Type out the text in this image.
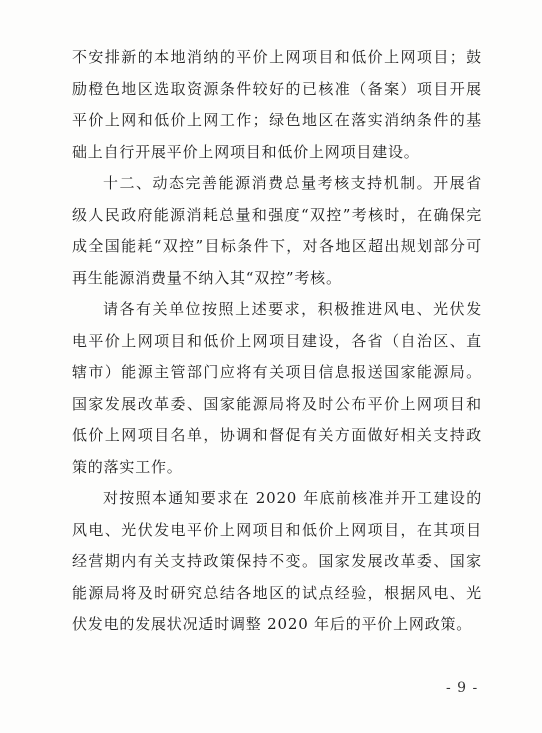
不安排新的本地消纳的平价上网项目和低价上网项目；鼓励橙色地区选取资源条件较好的已核准（备案）项目开展平价上网和低价上网工作；绿色地区在落实消纳条件的基础上自行开展平价上网项目和低价上网项目建设。

十二、动态完善能源消费总量考核支持机制。开展省级人民政府能源消耗总量和强度“双控”考核时，在确保完成全国能耗“双控”目标条件下，对各地区超出规划部分可再生能源消费量不纳入其“双控”考核。

请各有关单位按照上述要求，积极推进风电、光伏发电平价上网项目和低价上网项目建设，各省（自治区、直辖市）能源主管部门应将有关项目信息报送国家能源局。国家发展改革委、国家能源局将及时公布平价上网项目和低价上网项目名单，协调和督促有关方面做好相关支持政策的落实工作。

对按照本通知要求在 2020 年底前核准并开工建设的风电、光伏发电平价上网项目和低价上网项目，在其项目经营期内有关支持政策保持不变。国家发展改革委、国家能源局将及时研究总结各地区的试点经验，根据风电、光伏发电的发展状况适时调整 2020 年后的平价上网政策。

- 9 -
